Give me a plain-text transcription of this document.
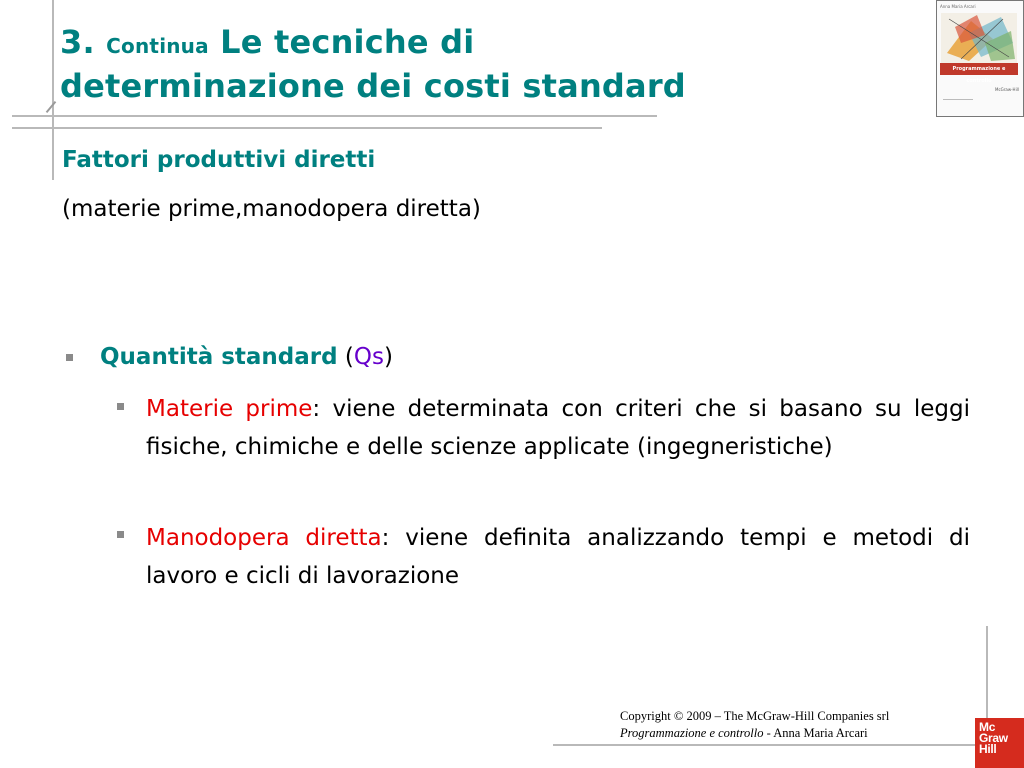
3. Continua Le tecniche di
determinazione dei costi standard
Fattori produttivi diretti
(materie prime,manodopera diretta)
Quantità standard (Qs)
Materie prime: viene determinata con criteri che si basano su leggi fisiche, chimiche e delle scienze applicate (ingegneristiche)
Manodopera diretta: viene definita analizzando tempi e metodi di lavoro e cicli di lavorazione
Anna Maria Arcari
Programmazione e controllo
McGraw-Hill
Copyright © 2009 – The McGraw-Hill Companies srl
Programmazione e controllo - Anna Maria Arcari	Mc
Graw
Hill
